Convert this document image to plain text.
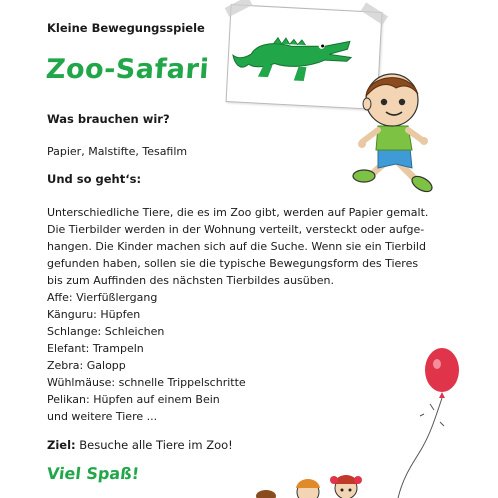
Kleine Bewegungsspiele
Zoo-Safari
Was brauchen wir?
Papier, Malstifte, Tesafilm
Und so geht‘s:
Unterschiedliche Tiere, die es im Zoo gibt, werden auf Papier gemalt.
Die Tierbilder werden in der Wohnung verteilt, versteckt oder aufge-
hangen. Die Kinder machen sich auf die Suche. Wenn sie ein Tierbild
gefunden haben, sollen sie die typische Bewegungsform des Tieres
bis zum Auffinden des nächsten Tierbildes ausüben.
Affe: Vierfüßlergang
Känguru: Hüpfen
Schlange: Schleichen
Elefant: Trampeln
Zebra: Galopp
Wühlmäuse: schnelle Trippelschritte
Pelikan: Hüpfen auf einem Bein
und weitere Tiere ...
Ziel: Besuche alle Tiere im Zoo!
Viel Spaß!
